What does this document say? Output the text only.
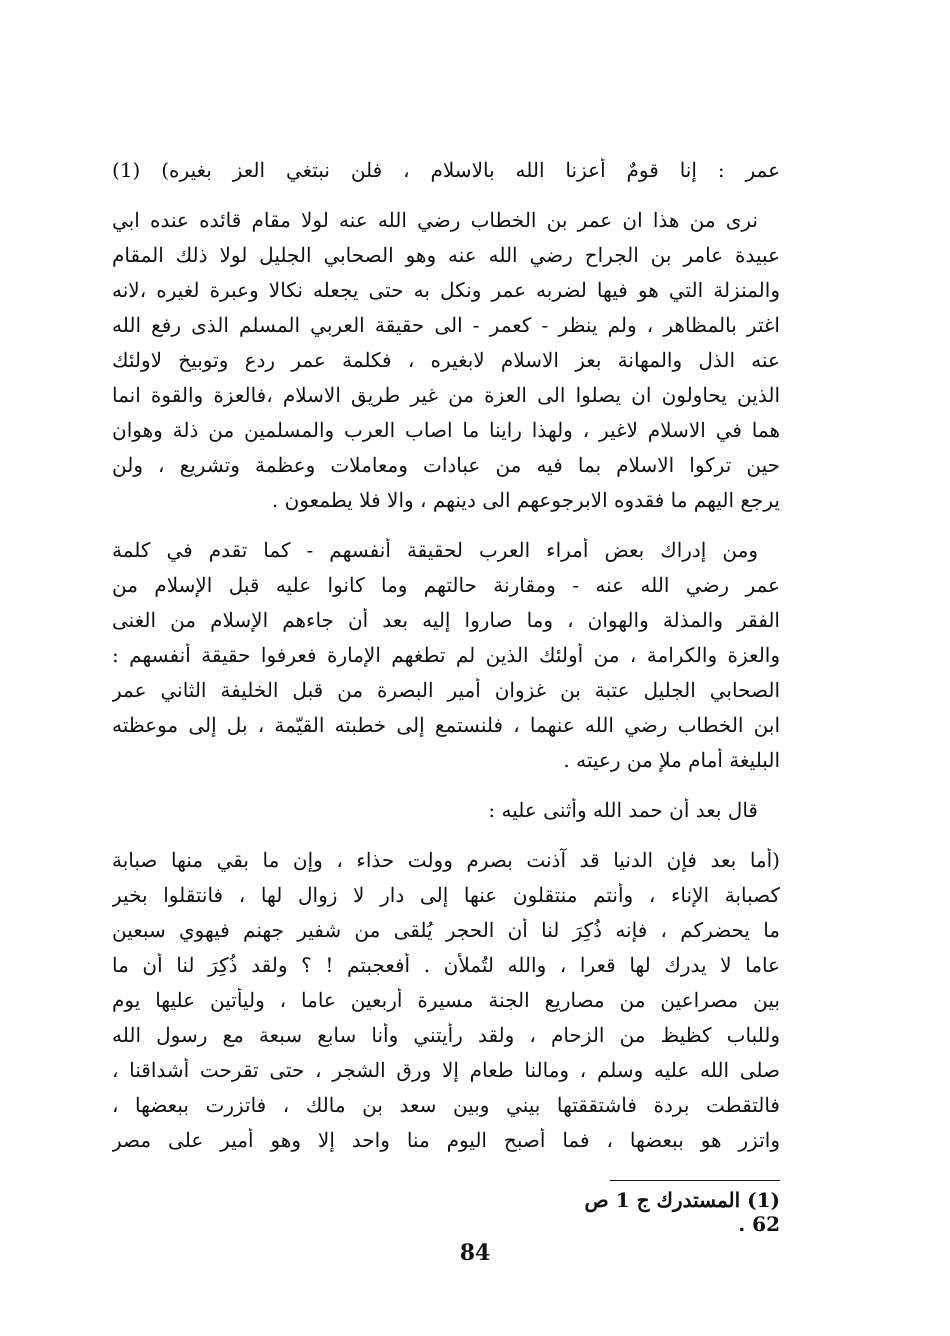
عمر : إنا قومٌ أعزنا الله بالاسلام ، فلن نبتغي العز بغيره) (1)
نرى من هذا ان عمر بن الخطاب رضي الله عنه لولا مقام قائده عنده ابي
عبيدة عامر بن الجراح رضي الله عنه وهو الصحابي الجليل لولا ذلك المقام
والمنزلة التي هو فيها لضربه عمر ونكل به حتى يجعله نكالا وعبرة لغيره ،لانه
اغتر بالمظاهر ، ولم ينظر - كعمر - الى حقيقة العربي المسلم الذى رفع الله
عنه الذل والمهانة بعز الاسلام لابغيره ، فكلمة عمر ردع وتوبيخ لاولئك
الذين يحاولون ان يصلوا الى العزة من غير طريق الاسلام ،فالعزة والقوة انما
هما في الاسلام لاغير ، ولهذا راينا ما اصاب العرب والمسلمين من ذلة وهوان
حين تركوا الاسلام بما فيه من عبادات ومعاملات وعظمة وتشريع ، ولن
يرجع اليهم ما فقدوه الابرجوعهم الى دينهم ، والا فلا يطمعون .
ومن إدراك بعض أمراء العرب لحقيقة أنفسهم - كما تقدم في كلمة
عمر رضي الله عنه - ومقارنة حالتهم وما كانوا عليه قبل الإسلام من
الفقر والمذلة والهوان ، وما صاروا إليه بعد أن جاءهم الإسلام من الغنى
والعزة والكرامة ، من أولئك الذين لم تطغهم الإمارة فعرفوا حقيقة أنفسهم :
الصحابي الجليل عتبة بن غزوان أمير البصرة من قبل الخليفة الثاني عمر
ابن الخطاب رضي الله عنهما ، فلنستمع إلى خطبته القيّمة ، بل إلى موعظته
البليغة أمام ملإ من رعيته .
قال بعد أن حمد الله وأثنى عليه :
(أما بعد فإن الدنيا قد آذنت بصرم وولت حذاء ، وإن ما بقي منها صبابة
كصبابة الإناء ، وأنتم منتقلون عنها إلى دار لا زوال لها ، فانتقلوا بخير
ما يحضركم ، فإنه ذُكِرَ لنا أن الحجر يُلقى من شفير جهنم فيهوي سبعين
عاما لا يدرك لها قعرا ، والله لتُملأن . أفعجبتم ! ؟ ولقد ذُكِرَ لنا أن ما
بين مصراعين من مصاريع الجنة مسيرة أربعين عاما ، وليأتين عليها يوم
وللباب كظيظ من الزحام ، ولقد رأيتني وأنا سابع سبعة مع رسول الله
صلى الله عليه وسلم ، ومالنا طعام إلا ورق الشجر ، حتى تقرحت أشداقنا ،
فالتقطت بردة فاشتققتها بيني وبين سعد بن مالك ، فاتزرت ببعضها ،
واتزر هو ببعضها ، فما أصبح اليوم منا واحد إلا وهو أمير على مصر
(1) المستدرك ج 1 ص 62 .
84
